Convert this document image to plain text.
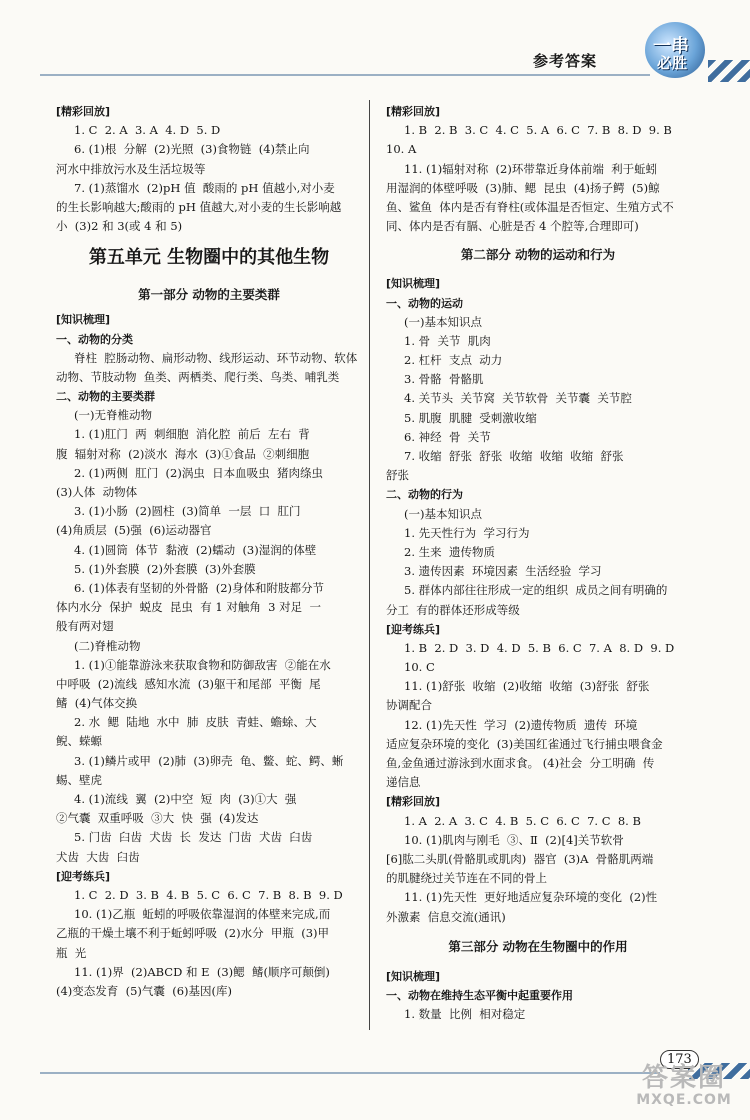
参考答案
一串
必胜
[精彩回放]
1. C  2. A  3. A  4. D  5. D
6. (1)根  分解  (2)光照  (3)食物链  (4)禁止向
河水中排放污水及生活垃圾等
7. (1)蒸馏水  (2)pH 值  酸雨的 pH 值越小,对小麦
的生长影响越大;酸雨的 pH 值越大,对小麦的生长影响越
小  (3)2 和 3(或 4 和 5)
第五单元 生物圈中的其他生物
第一部分 动物的主要类群
[知识梳理]
一、动物的分类
脊柱  腔肠动物、扁形动物、线形运动、环节动物、软体
动物、节肢动物  鱼类、两栖类、爬行类、鸟类、哺乳类
二、动物的主要类群
(一)无脊椎动物
1. (1)肛门  两  刺细胞  消化腔  前后  左右  背
腹  辐射对称  (2)淡水  海水  (3)①食品  ②刺细胞
2. (1)两侧  肛门  (2)涡虫  日本血吸虫  猪肉绦虫
(3)人体  动物体
3. (1)小肠  (2)圆柱  (3)简单  一层  口  肛门
(4)角质层  (5)强  (6)运动器官
4. (1)圆筒  体节  黏液  (2)蠕动  (3)湿润的体壁
5. (1)外套膜  (2)外套膜  (3)外套膜
6. (1)体表有坚韧的外骨骼  (2)身体和附肢都分节
体内水分  保护  蜕皮  昆虫  有 1 对触角  3 对足  一
般有两对翅
(二)脊椎动物
1. (1)①能靠游泳来获取食物和防御敌害  ②能在水
中呼吸  (2)流线  感知水流  (3)躯干和尾部  平衡  尾
鳍  (4)气体交换
2. 水  鳃  陆地  水中  肺  皮肤  青蛙、蟾蜍、大
鲵、蝾螈
3. (1)鳞片或甲  (2)肺  (3)卵壳  龟、鳖、蛇、鳄、蜥
蜴、壁虎
4. (1)流线  翼  (2)中空  短  肉  (3)①大  强
②气囊  双重呼吸  ③大  快  强  (4)发达
5. 门齿  臼齿  犬齿  长  发达  门齿  犬齿  臼齿
犬齿  大齿  臼齿
[迎考练兵]
1. C  2. D  3. B  4. B  5. C  6. C  7. B  8. B  9. D
10. (1)乙瓶  蚯蚓的呼吸依靠湿润的体壁来完成,而
乙瓶的干燥土壤不利于蚯蚓呼吸  (2)水分  甲瓶  (3)甲
瓶  光
11. (1)界  (2)ABCD 和 E  (3)鳃  鳍(顺序可颠倒)
(4)变态发育  (5)气囊  (6)基因(库)
[精彩回放]
1. B  2. B  3. C  4. C  5. A  6. C  7. B  8. D  9. B
10. A
11. (1)辐射对称  (2)环带靠近身体前端  利于蚯蚓
用湿润的体壁呼吸  (3)肺、鳃  昆虫  (4)扬子鳄  (5)鲸
鱼、鲨鱼  体内是否有脊柱(或体温是否恒定、生殖方式不
同、体内是否有膈、心脏是否 4 个腔等,合理即可)
第二部分 动物的运动和行为
[知识梳理]
一、动物的运动
(一)基本知识点
1. 骨  关节  肌肉
2. 杠杆  支点  动力
3. 骨骼  骨骼肌
4. 关节头  关节窝  关节软骨  关节囊  关节腔
5. 肌腹  肌腱  受刺激收缩
6. 神经  骨  关节
7. 收缩  舒张  舒张  收缩  收缩  收缩  舒张
舒张
二、动物的行为
(一)基本知识点
1. 先天性行为  学习行为
2. 生来  遗传物质
3. 遗传因素  环境因素  生活经验  学习
5. 群体内部往往形成一定的组织  成员之间有明确的
分工  有的群体还形成等级
[迎考练兵]
1. B  2. D  3. D  4. D  5. B  6. C  7. A  8. D  9. D
10. C
11. (1)舒张  收缩  (2)收缩  收缩  (3)舒张  舒张
协调配合
12. (1)先天性  学习  (2)遗传物质  遗传  环境
适应复杂环境的变化  (3)美国红雀通过飞行捕虫喂食金
鱼,金鱼通过游泳到水面求食。 (4)社会  分工明确  传
递信息
[精彩回放]
1. A  2. A  3. C  4. B  5. C  6. C  7. C  8. B
10. (1)肌肉与刚毛  ③、Ⅱ  (2)[4]关节软骨
[6]肱二头肌(骨骼肌或肌肉)  器官  (3)A  骨骼肌两端
的肌腱绕过关节连在不同的骨上
11. (1)先天性  更好地适应复杂环境的变化  (2)性
外激素  信息交流(通讯)
第三部分 动物在生物圈中的作用
[知识梳理]
一、动物在维持生态平衡中起重要作用
1. 数量  比例  相对稳定
173
答案圈
MXQE.COM
